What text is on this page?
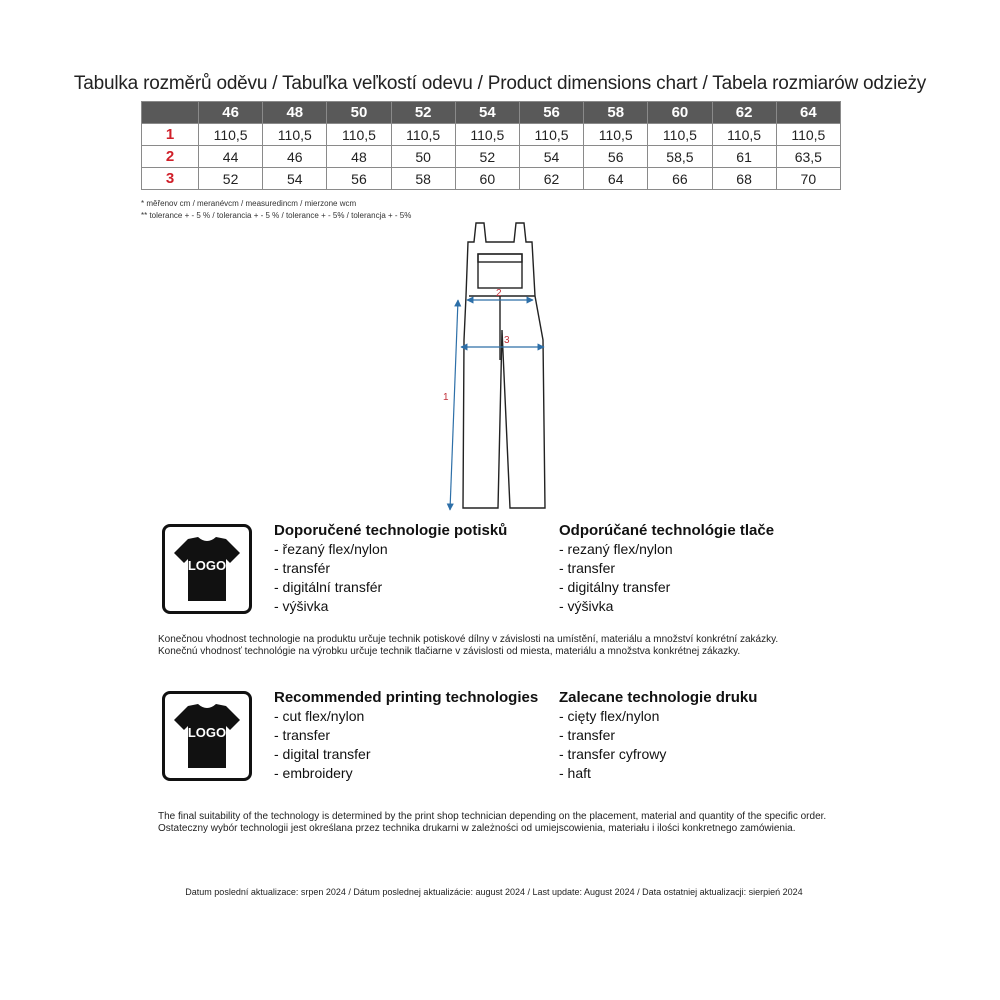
Tabulka rozměrů oděvu / Tabuľka veľkostí odevu / Product dimensions chart / Tabela rozmiarów odzieży
	46	48	50	52	54	56	58	60	62	64
1	110,5	110,5	110,5	110,5	110,5	110,5	110,5	110,5	110,5	110,5
2	44	46	48	50	52	54	56	58,5	61	63,5
3	52	54	56	58	60	62	64	66	68	70
* měřenov cm / meranévcm / measuredincm / mierzone wcm
** tolerance + - 5 % / tolerancia + - 5 % / tolerance + - 5% / tolerancja + - 5%
2
3
1
LOGO
Doporučené technologie potisků
- řezaný flex/nylon
- transfér
- digitální transfér
- výšivka
Odporúčané technológie tlače
- rezaný flex/nylon
- transfer
- digitálny transfer
- výšivka
Konečnou vhodnost technologie na produktu určuje technik potiskové dílny v závislosti na umístění, materiálu a množství konkrétní zakázky.
Konečnú vhodnosť technológie na výrobku určuje technik tlačiarne v závislosti od miesta, materiálu a množstva konkrétnej zákazky.
LOGO
Recommended printing technologies
- cut flex/nylon
- transfer
- digital transfer
- embroidery
Zalecane technologie druku
- cięty flex/nylon
- transfer
- transfer cyfrowy
- haft
The final suitability of the technology is determined by the print shop technician depending on the placement, material and quantity of the specific order.
Ostateczny wybór technologii jest określana przez technika drukarni w zależności od umiejscowienia, materiału i ilości konkretnego zamówienia.
Datum poslední aktualizace: srpen 2024 / Dátum poslednej aktualizácie: august 2024 / Last update: August 2024 / Data ostatniej aktualizacji: sierpień 2024
